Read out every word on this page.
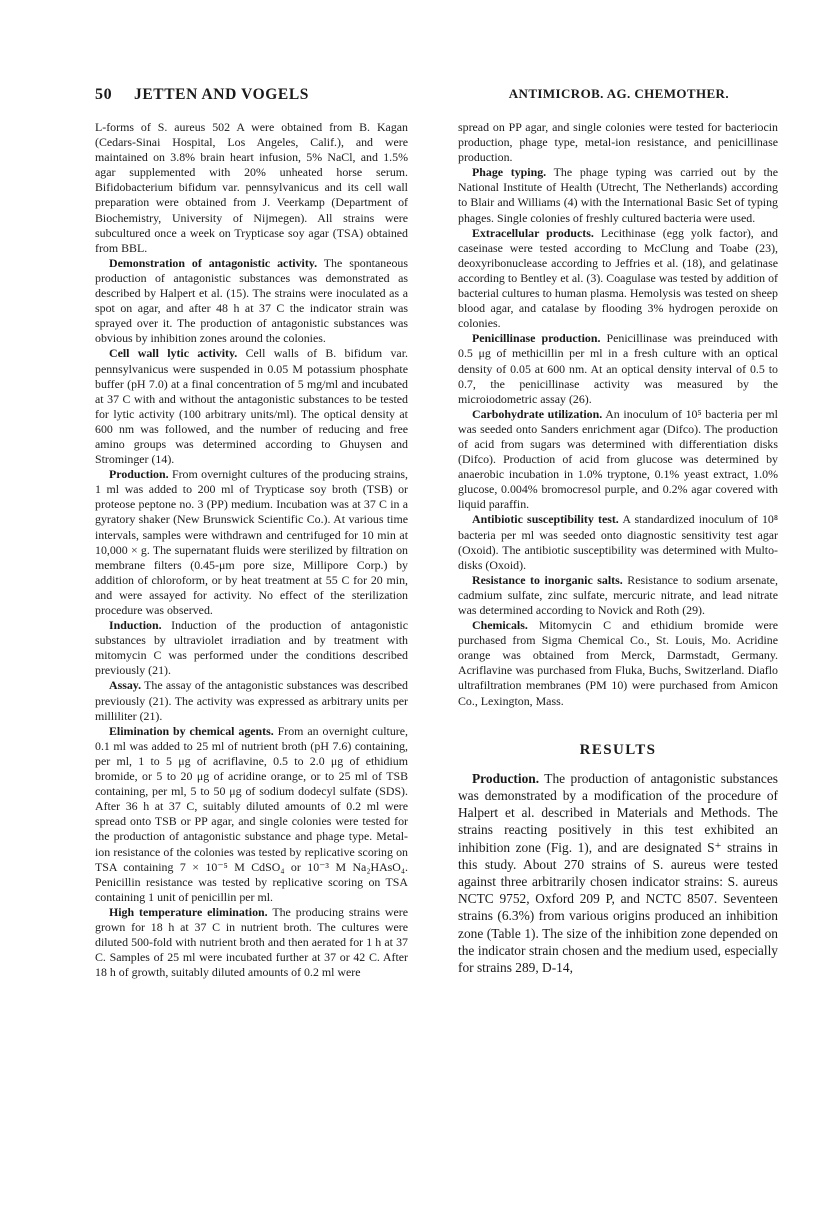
50 JETTEN AND VOGELS	ANTIMICROB. AG. CHEMOTHER.

L-forms of S. aureus 502 A were obtained from B. Kagan (Cedars-Sinai Hospital, Los Angeles, Calif.), and were maintained on 3.8% brain heart infusion, 5% NaCl, and 1.5% agar supplemented with 20% unheated horse serum. Bifidobacterium bifidum var. pennsylvanicus and its cell wall preparation were obtained from J. Veerkamp (Department of Biochemistry, University of Nijmegen). All strains were subcultured once a week on Trypticase soy agar (TSA) obtained from BBL.

Demonstration of antagonistic activity. The spontaneous production of antagonistic substances was demonstrated as described by Halpert et al. (15). The strains were inoculated as a spot on agar, and after 48 h at 37 C the indicator strain was sprayed over it. The production of antagonistic substances was obvious by inhibition zones around the colonies.

Cell wall lytic activity. Cell walls of B. bifidum var. pennsylvanicus were suspended in 0.05 M potassium phosphate buffer (pH 7.0) at a final concentration of 5 mg/ml and incubated at 37 C with and without the antagonistic substances to be tested for lytic activity (100 arbitrary units/ml). The optical density at 600 nm was followed, and the number of reducing and free amino groups was determined according to Ghuysen and Strominger (14).

Production. From overnight cultures of the producing strains, 1 ml was added to 200 ml of Trypticase soy broth (TSB) or proteose peptone no. 3 (PP) medium. Incubation was at 37 C in a gyratory shaker (New Brunswick Scientific Co.). At various time intervals, samples were withdrawn and centrifuged for 10 min at 10,000 × g. The supernatant fluids were sterilized by filtration on membrane filters (0.45-μm pore size, Millipore Corp.) by addition of chloroform, or by heat treatment at 55 C for 20 min, and were assayed for activity. No effect of the sterilization procedure was observed.

Induction. Induction of the production of antagonistic substances by ultraviolet irradiation and by treatment with mitomycin C was performed under the conditions described previously (21).

Assay. The assay of the antagonistic substances was described previously (21). The activity was expressed as arbitrary units per milliliter (21).

Elimination by chemical agents. From an overnight culture, 0.1 ml was added to 25 ml of nutrient broth (pH 7.6) containing, per ml, 1 to 5 μg of acriflavine, 0.5 to 2.0 μg of ethidium bromide, or 5 to 20 μg of acridine orange, or to 25 ml of TSB containing, per ml, 5 to 50 μg of sodium dodecyl sulfate (SDS). After 36 h at 37 C, suitably diluted amounts of 0.2 ml were spread onto TSB or PP agar, and single colonies were tested for the production of antagonistic substance and phage type. Metal-ion resistance of the colonies was tested by replicative scoring on TSA containing 7 × 10⁻⁵ M CdSO₄ or 10⁻³ M Na₂HAsO₄. Penicillin resistance was tested by replicative scoring on TSA containing 1 unit of penicillin per ml.

High temperature elimination. The producing strains were grown for 18 h at 37 C in nutrient broth. The cultures were diluted 500-fold with nutrient broth and then aerated for 1 h at 37 C. Samples of 25 ml were incubated further at 37 or 42 C. After 18 h of growth, suitably diluted amounts of 0.2 ml were

spread on PP agar, and single colonies were tested for bacteriocin production, phage type, metal-ion resistance, and penicillinase production.

Phage typing. The phage typing was carried out by the National Institute of Health (Utrecht, The Netherlands) according to Blair and Williams (4) with the International Basic Set of typing phages. Single colonies of freshly cultured bacteria were used.

Extracellular products. Lecithinase (egg yolk factor), and caseinase were tested according to McClung and Toabe (23), deoxyribonuclease according to Jeffries et al. (18), and gelatinase according to Bentley et al. (3). Coagulase was tested by addition of bacterial cultures to human plasma. Hemolysis was tested on sheep blood agar, and catalase by flooding 3% hydrogen peroxide on colonies.

Penicillinase production. Penicillinase was preinduced with 0.5 μg of methicillin per ml in a fresh culture with an optical density of 0.05 at 600 nm. At an optical density interval of 0.5 to 0.7, the penicillinase activity was measured by the microiodometric assay (26).

Carbohydrate utilization. An inoculum of 10⁵ bacteria per ml was seeded onto Sanders enrichment agar (Difco). The production of acid from sugars was determined with differentiation disks (Difco). Production of acid from glucose was determined by anaerobic incubation in 1.0% tryptone, 0.1% yeast extract, 1.0% glucose, 0.004% bromocresol purple, and 0.2% agar covered with liquid paraffin.

Antibiotic susceptibility test. A standardized inoculum of 10⁸ bacteria per ml was seeded onto diagnostic sensitivity test agar (Oxoid). The antibiotic susceptibility was determined with Multo-disks (Oxoid).

Resistance to inorganic salts. Resistance to sodium arsenate, cadmium sulfate, zinc sulfate, mercuric nitrate, and lead nitrate was determined according to Novick and Roth (29).

Chemicals. Mitomycin C and ethidium bromide were purchased from Sigma Chemical Co., St. Louis, Mo. Acridine orange was obtained from Merck, Darmstadt, Germany. Acriflavine was purchased from Fluka, Buchs, Switzerland. Diaflo ultrafiltration membranes (PM 10) were purchased from Amicon Co., Lexington, Mass.

RESULTS

Production. The production of antagonistic substances was demonstrated by a modification of the procedure of Halpert et al. described in Materials and Methods. The strains reacting positively in this test exhibited an inhibition zone (Fig. 1), and are designated S⁺ strains in this study. About 270 strains of S. aureus were tested against three arbitrarily chosen indicator strains: S. aureus NCTC 9752, Oxford 209 P, and NCTC 8507. Seventeen strains (6.3%) from various origins produced an inhibition zone (Table 1). The size of the inhibition zone depended on the indicator strain chosen and the medium used, especially for strains 289, D-14,
